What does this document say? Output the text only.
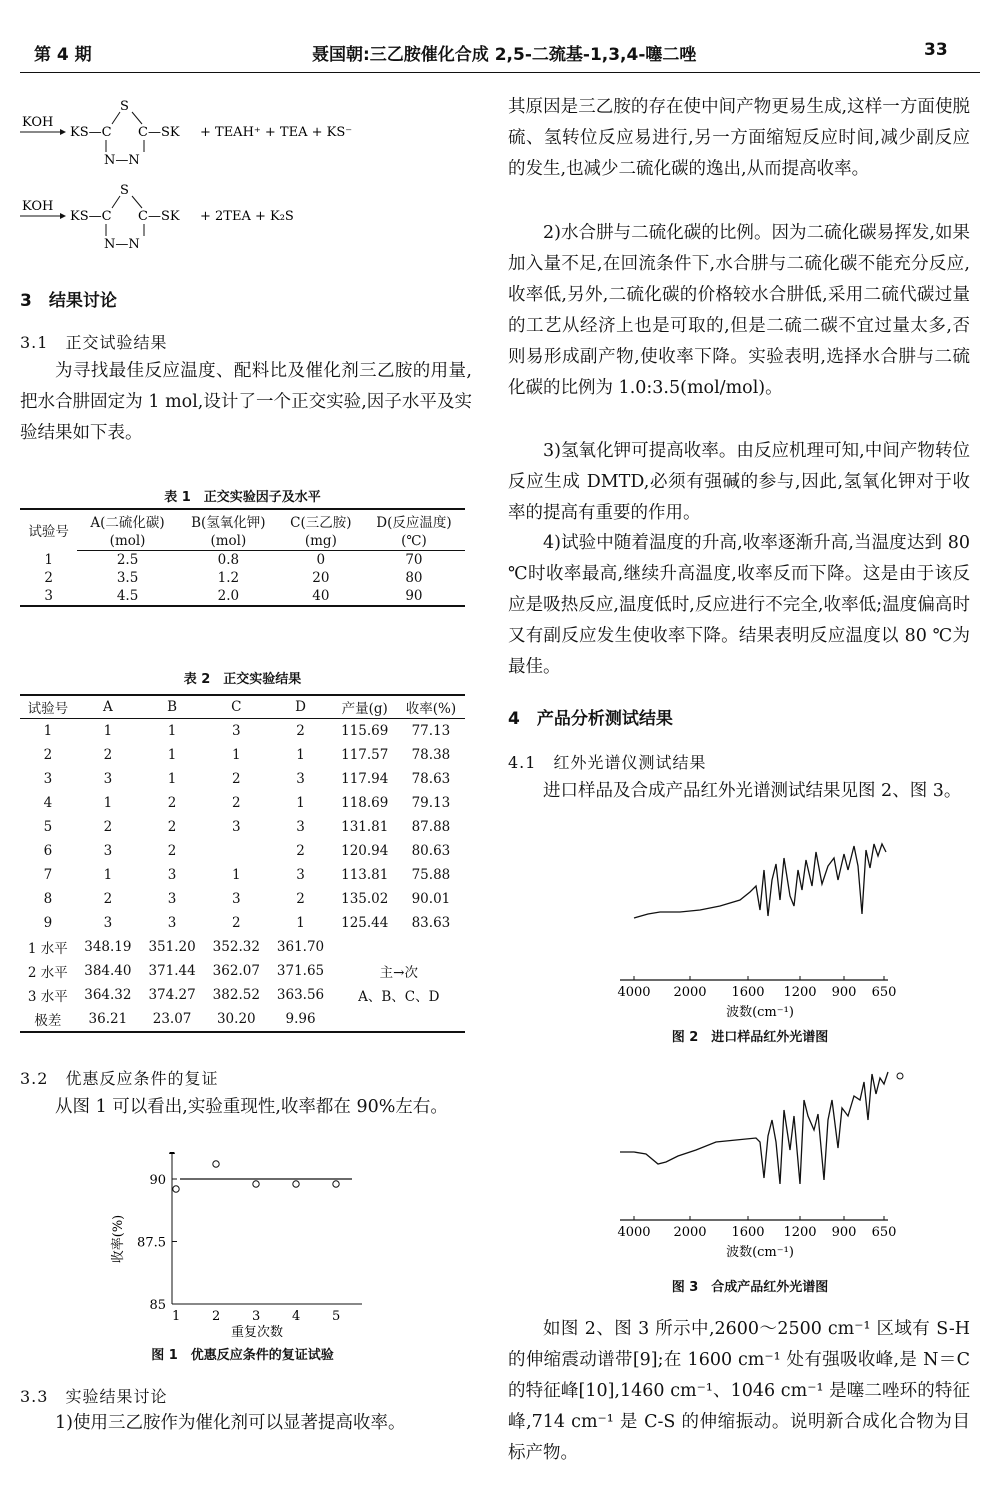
第 4 期	聂国朝:三乙胺催化合成 2,5-二巯基-1,3,4-噻二唑	33
KOH
KS—C
S
C—SK
N—N
+ TEAH⁺ + TEA + KS⁻
KOH
KS—C
S
C—SK
N—N
+ 2TEA + K₂S
3　结果讨论
3.1　正交试验结果

为寻找最佳反应温度、配料比及催化剂三乙胺的用量,把水合肼固定为 1 mol,设计了一个正交实验,因子水平及实验结果如下表。

表 1　正交实验因子及水平
试验号	A(二硫化碳)	B(氢氧化钾)	C(三乙胺)	D(反应温度)
	(mol)	(mol)	(mg)	(℃)
1	2.5	0.8	0	70
2	3.5	1.2	20	80
3	4.5	2.0	40	90
表 2　正交实验结果
试验号	A	B	C	D	产量(g)	收率(%)
1	1	1	3	2	115.69	77.13
2	2	1	1	1	117.57	78.38
3	3	1	2	3	117.94	78.63
4	1	2	2	1	118.69	79.13
5	2	2	3	3	131.81	87.88
6	3	2		2	120.94	80.63
7	1	3	1	3	113.81	75.88
8	2	3	3	2	135.02	90.01
9	3	3	2	1	125.44	83.63
1 水平	348.19	351.20	352.32	361.70		
2 水平	384.40	371.44	362.07	371.65	主→次	
3 水平	364.32	374.27	382.52	363.56	A、B、C、D	
极差	36.21	23.07	30.20	9.96		
3.2　优惠反应条件的复证

从图 1 可以看出,实验重现性,收率都在 90%左右。

85
87.5
90
1 2 3 4 5
重复次数
收率(%)
图 1　优惠反应条件的复证试验
3.3　实验结果讨论

1)使用三乙胺作为催化剂可以显著提高收率。

其原因是三乙胺的存在使中间产物更易生成,这样一方面使脱硫、氢转位反应易进行,另一方面缩短反应时间,减少副反应的发生,也减少二硫化碳的逸出,从而提高收率。

2)水合肼与二硫化碳的比例。因为二硫化碳易挥发,如果加入量不足,在回流条件下,水合肼与二硫化碳不能充分反应,收率低,另外,二硫化碳的价格较水合肼低,采用二硫代碳过量的工艺从经济上也是可取的,但是二硫二碳不宜过量太多,否则易形成副产物,使收率下降。实验表明,选择水合肼与二硫化碳的比例为 1.0:3.5(mol/mol)。

3)氢氧化钾可提高收率。由反应机理可知,中间产物转位反应生成 DMTD,必须有强碱的参与,因此,氢氧化钾对于收率的提高有重要的作用。

4)试验中随着温度的升高,收率逐渐升高,当温度达到 80 ℃时收率最高,继续升高温度,收率反而下降。这是由于该反应是吸热反应,温度低时,反应进行不完全,收率低;温度偏高时又有副反应发生使收率下降。结果表明反应温度以 80 ℃为最佳。

4　产品分析测试结果
4.1　红外光谱仪测试结果

进口样品及合成产品红外光谱测试结果见图 2、图 3。

4000 2000 1600 1200 900 650
波数(cm⁻¹)
图 2　进口样品红外光谱图
4000 2000 1600 1200 900 650
波数(cm⁻¹)
图 3　合成产品红外光谱图

如图 2、图 3 所示中,2600～2500 cm⁻¹ 区域有 S-H 的伸缩震动谱带[9];在 1600 cm⁻¹ 处有强吸收峰,是 N＝C 的特征峰[10],1460 cm⁻¹、1046 cm⁻¹ 是噻二唑环的特征峰,714 cm⁻¹ 是 C-S 的伸缩振动。说明新合成化合物为目标产物。
